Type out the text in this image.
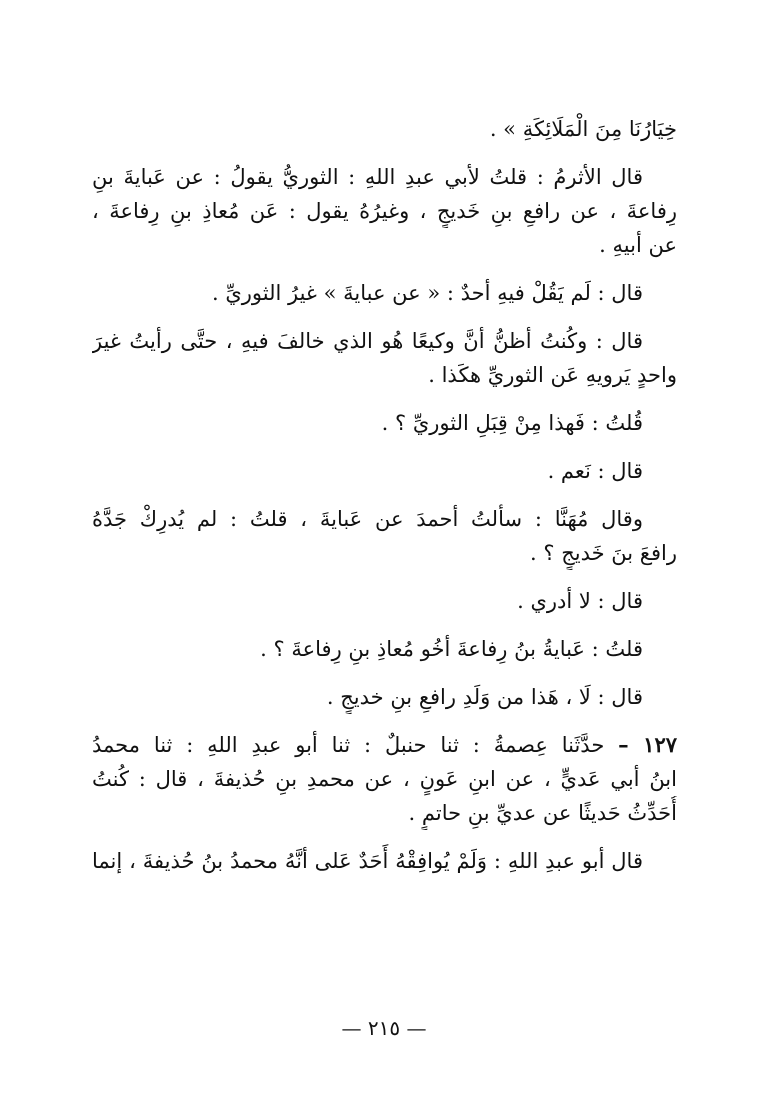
خِيَارُنَا مِنَ الْمَلَائِكَةِ » .
قال الأثرمُ : قلتُ لأبي عبدِ اللهِ : الثوريُّ يقولُ : عن عَبايةَ بنِ
رِفاعةَ ، عن رافعِ بنِ خَديجٍ ، وغيرُهُ يقول : عَن مُعاذِ بنِ رِفاعةَ ،
عن أبيهِ .
قال : لَم يَقُلْ فيهِ أحدٌ : « عن عبايةَ » غيرُ الثوريِّ .
قال : وكُنتُ أظنُّ أنَّ وكيعًا هُو الذي خالفَ فيهِ ، حتَّى رأيتُ غيرَ
واحدٍ يَرويهِ عَن الثوريِّ هكَذا .
قُلتُ : فَهذا مِنْ قِبَلِ الثوريِّ ؟ .
قال : نَعم .
وقال مُهَنَّا : سألتُ أحمدَ عن عَبايةَ ، قلتُ : لم يُدرِكْ جَدَّهُ
رافعَ بنَ خَديجٍ ؟ .
قال : لا أدري .
قلتُ : عَبايةُ بنُ رِفاعةَ أخُو مُعاذِ بنِ رِفاعةَ ؟ .
قال : لَا ، هَذا من وَلَدِ رافعِ بنِ خديجٍ .
١٢٧ – حدَّثَنا عِصمةُ : ثنا حنبلٌ : ثنا أبو عبدِ اللهِ : ثنا محمدُ
ابنُ أبي عَديٍّ ، عن ابنِ عَونٍ ، عن محمدِ بنِ حُذيفةَ ، قال : كُنتُ
أُحَدِّثُ حَديثًا عن عديِّ بنِ حاتمٍ .
قال أبو عبدِ اللهِ : وَلَمْ يُوافِقْهُ أَحَدٌ عَلى أنَّهُ محمدُ بنُ حُذيفةَ ، إنما
— ٢١٥ —
